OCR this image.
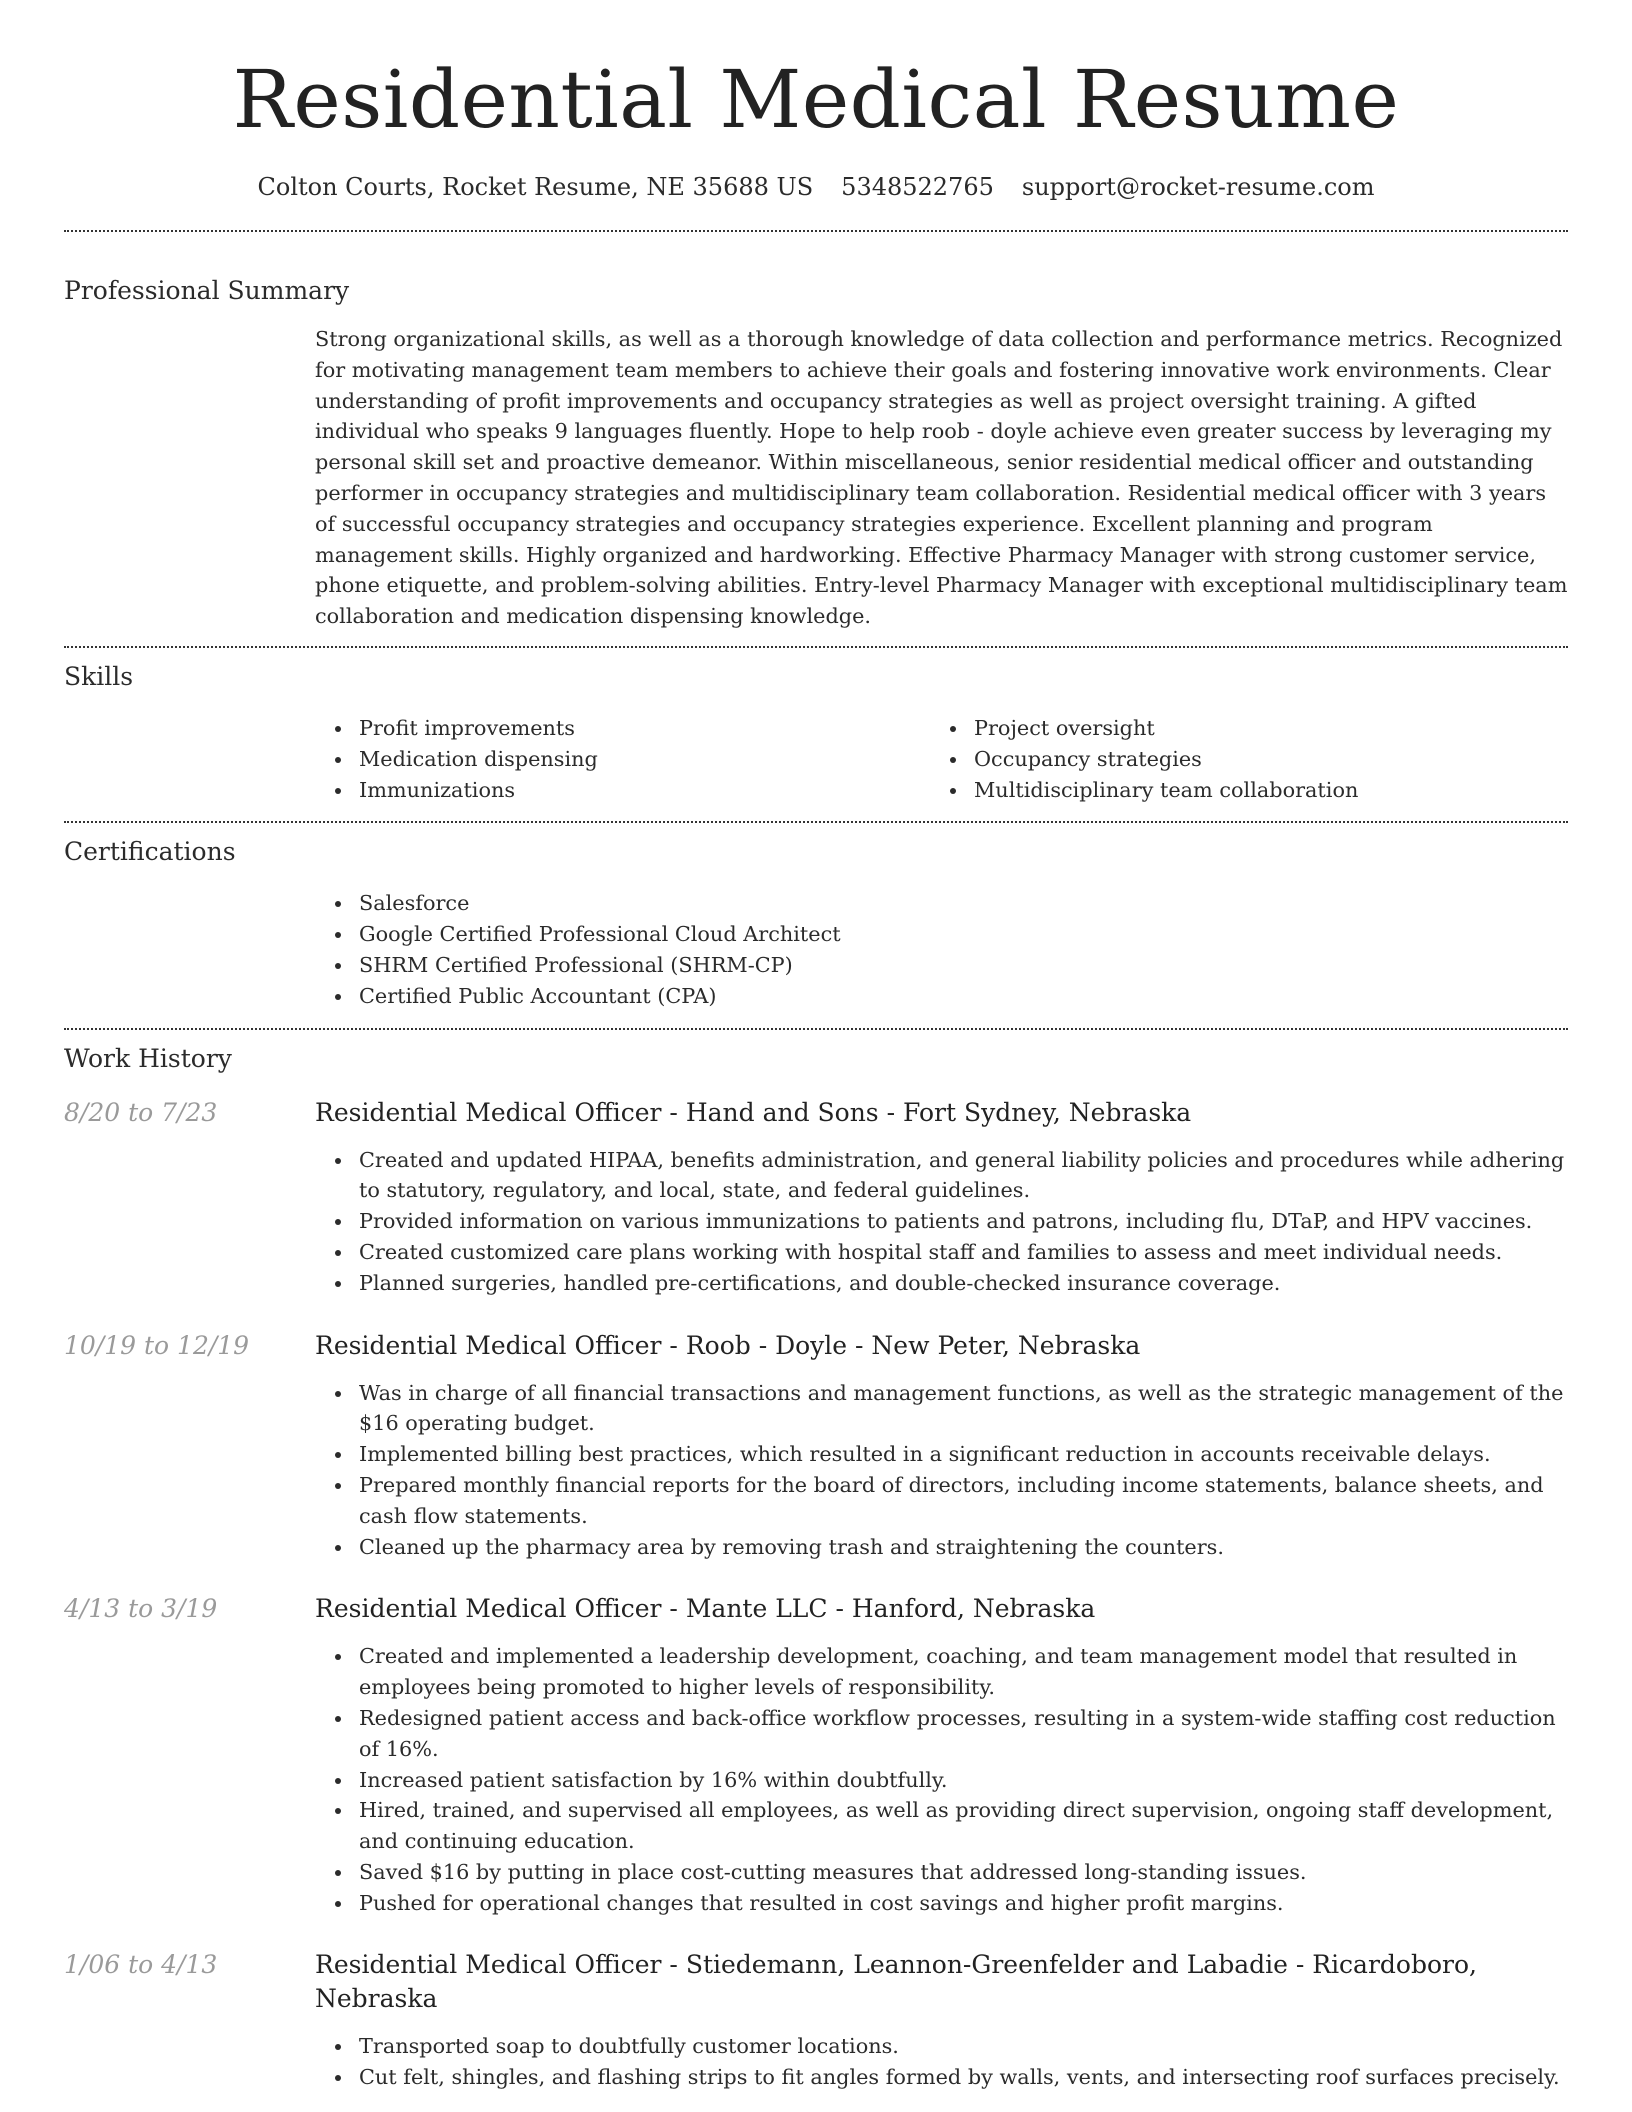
Residential Medical Resume
Colton Courts, Rocket Resume, NE 35688 US 5348522765 support@rocket-resume.com
Professional Summary

Strong organizational skills, as well as a thorough knowledge of data collection and performance metrics. Recognized for motivating management team members to achieve their goals and fostering innovative work environments. Clear understanding of profit improvements and occupancy strategies as well as project oversight training. A gifted individual who speaks 9 languages fluently. Hope to help roob - doyle achieve even greater success by leveraging my personal skill set and proactive demeanor. Within miscellaneous, senior residential medical officer and outstanding performer in occupancy strategies and multidisciplinary team collaboration. Residential medical officer with 3 years of successful occupancy strategies and occupancy strategies experience. Excellent planning and program management skills. Highly organized and hardworking. Effective Pharmacy Manager with strong customer service, phone etiquette, and problem-solving abilities. Entry-level Pharmacy Manager with exceptional multidisciplinary team collaboration and medication dispensing knowledge.

Skills
Profit improvements
Medication dispensing
Immunizations
Project oversight
Occupancy strategies
Multidisciplinary team collaboration
Certifications
Salesforce
Google Certified Professional Cloud Architect
SHRM Certified Professional (SHRM-CP)
Certified Public Accountant (CPA)
Work History
8/20 to 7/23	Residential Medical Officer - Hand and Sons - Fort Sydney, Nebraska
Created and updated HIPAA, benefits administration, and general liability policies and procedures while adhering to statutory, regulatory, and local, state, and federal guidelines.
Provided information on various immunizations to patients and patrons, including flu, DTaP, and HPV vaccines.
Created customized care plans working with hospital staff and families to assess and meet individual needs.
Planned surgeries, handled pre-certifications, and double-checked insurance coverage.
10/19 to 12/19	Residential Medical Officer - Roob - Doyle - New Peter, Nebraska
Was in charge of all financial transactions and management functions, as well as the strategic management of the $16 operating budget.
Implemented billing best practices, which resulted in a significant reduction in accounts receivable delays.
Prepared monthly financial reports for the board of directors, including income statements, balance sheets, and cash flow statements.
Cleaned up the pharmacy area by removing trash and straightening the counters.
4/13 to 3/19	Residential Medical Officer - Mante LLC - Hanford, Nebraska
Created and implemented a leadership development, coaching, and team management model that resulted in employees being promoted to higher levels of responsibility.
Redesigned patient access and back-office workflow processes, resulting in a system-wide staffing cost reduction of 16%.
Increased patient satisfaction by 16% within doubtfully.
Hired, trained, and supervised all employees, as well as providing direct supervision, ongoing staff development, and continuing education.
Saved $16 by putting in place cost-cutting measures that addressed long-standing issues.
Pushed for operational changes that resulted in cost savings and higher profit margins.
1/06 to 4/13	Residential Medical Officer - Stiedemann, Leannon-Greenfelder and Labadie - Ricardoboro, Nebraska
Transported soap to doubtfully customer locations.
Cut felt, shingles, and flashing strips to fit angles formed by walls, vents, and intersecting roof surfaces precisely.
